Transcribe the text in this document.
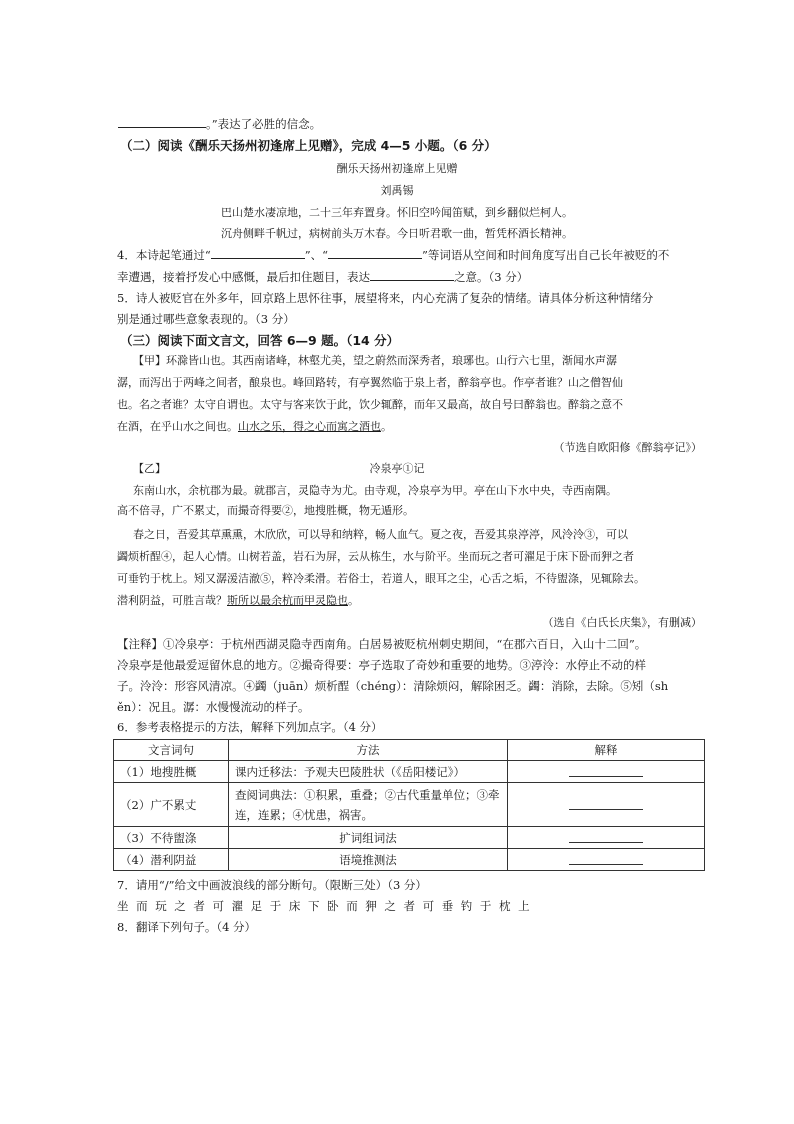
。”表达了必胜的信念。
（二）阅读《酬乐天扬州初逢席上见赠》，完成 4—5 小题。（6 分）
酬乐天扬州初逢席上见赠
刘禹锡
巴山楚水凄凉地，二十三年弃置身。怀旧空吟闻笛赋，到乡翻似烂柯人。
沉舟侧畔千帆过，病树前头万木春。今日听君歌一曲，暂凭杯酒长精神。
4．本诗起笔通过“	”、“	”等词语从空间和时间角度写出自己长年被贬的不
幸遭遇，接着抒发心中感慨，最后扣住题目，表达	之意。（3 分）
5．诗人被贬官在外多年，回京路上思怀往事，展望将来，内心充满了复杂的情绪。请具体分析这种情绪分
别是通过哪些意象表现的。（3 分）
（三）阅读下面文言文，回答 6—9 题。（14 分）
【甲】环滁皆山也。其西南诸峰，林壑尤美，望之蔚然而深秀者，琅琊也。山行六七里，渐闻水声潺
潺，而泻出于两峰之间者，酿泉也。峰回路转，有亭翼然临于泉上者，醉翁亭也。作亭者谁？山之僧智仙
也。名之者谁？太守自谓也。太守与客来饮于此，饮少辄醉，而年又最高，故自号曰醉翁也。醉翁之意不
在酒，在乎山水之间也。山水之乐，得之心而寓之酒也。
（节选自欧阳修《醉翁亭记》）
【乙】	冷泉亭①记
东南山水，余杭郡为最。就郡言，灵隐寺为尤。由寺观，冷泉亭为甲。亭在山下水中央，寺西南隅。
高不倍寻，广不累丈，而撮奇得要②，地搜胜概，物无遁形。
春之日，吾爱其草熏熏，木欣欣，可以导和纳粹，畅人血气。夏之夜，吾爱其泉渟渟，风泠泠③，可以
蠲烦析酲④，起人心情。山树若盖，岩石为屏，云从栋生，水与阶平。坐而玩之者可濯足于床下卧而狎之者
可垂钓于枕上。矧又潺湲洁澈⑤，粹冷柔滑。若俗士，若道人，眼耳之尘，心舌之垢，不待盥涤，见辄除去。
潜利阴益，可胜言哉？斯所以最余杭而甲灵隐也。
（选自《白氏长庆集》，有删减）
【注释】①冷泉亭：于杭州西湖灵隐寺西南角。白居易被贬杭州刺史期间，“在郡六百日，入山十二回”。
冷泉亭是他最爱逗留休息的地方。②撮奇得要：亭子选取了奇妙和重要的地势。③渟泠：水停止不动的样
子。泠泠：形容风清凉。④蠲（juān）烦析酲（chéng）：清除烦闷，解除困乏。蠲：消除，去除。⑤矧（sh
ěn）：况且。潺：水慢慢流动的样子。
6．参考表格提示的方法，解释下列加点字。（4 分）
文言词句	方法	解释
（1）地搜胜概	课内迁移法：予观夫巴陵胜状（《岳阳楼记》）	
（2）广不累丈	查阅词典法：①积累，重叠；②古代重量单位；③牵连，连累；④忧患，祸害。	
（3）不待盥涤	扩词组词法	
（4）潜利阴益	语境推测法	
7．请用“/”给文中画波浪线的部分断句。（限断三处）（3 分）
坐而玩之者可濯足于床下卧而狎之者可垂钓于枕上
8．翻译下列句子。（4 分）
